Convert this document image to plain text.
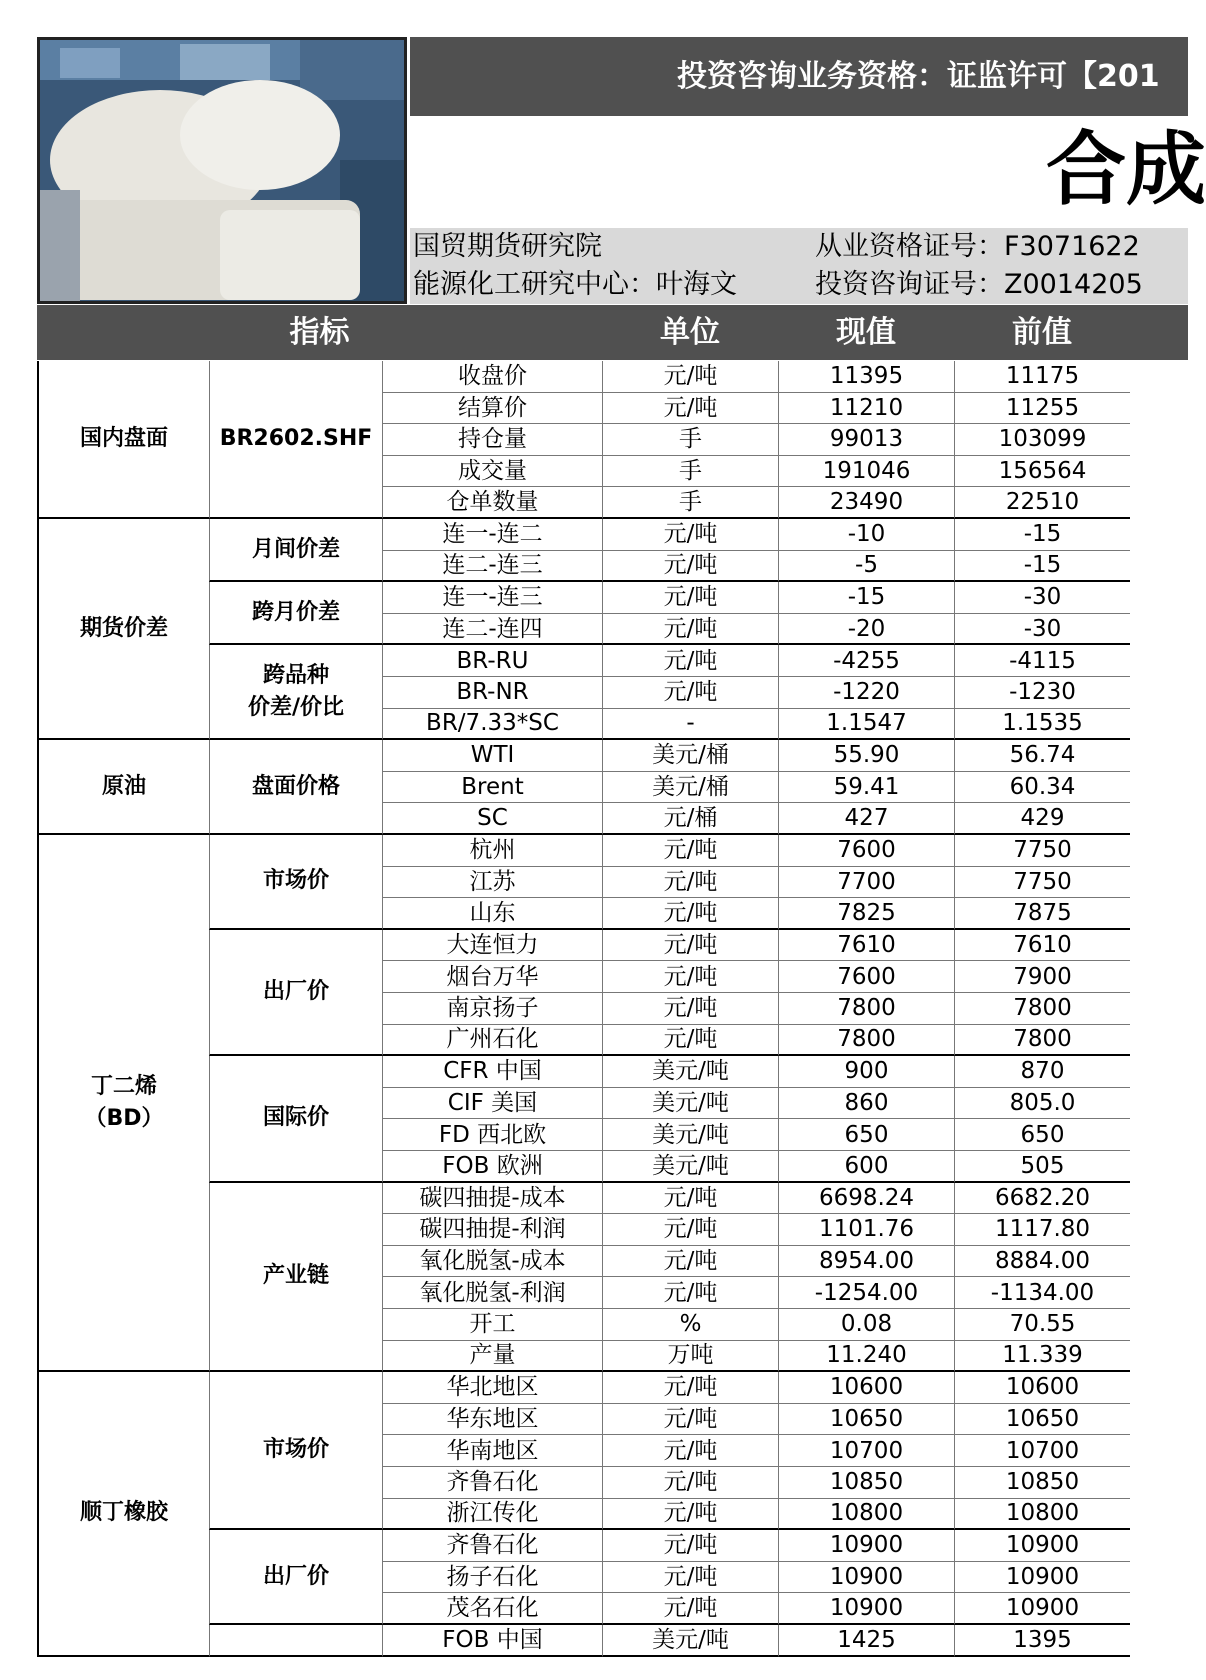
投资咨询业务资格：证监许可【201
合成
国贸期货研究院
能源化工研究中心：叶海文
从业资格证号：F3071622
投资咨询证号：Z0014205
指标	单位	现值	前值
国内盘面	BR2602.SHF
收盘价	元/吨	11395	11175
结算价	元/吨	11210	11255
持仓量	手	99013	103099
成交量	手	191046	156564
仓单数量	手	23490	22510
期货价差
月间价差
连一-连二	元/吨	-10	-15
连二-连三	元/吨	-5	-15
跨月价差
连一-连三	元/吨	-15	-30
连二-连四	元/吨	-20	-30
跨品种
价差/价比
BR-RU	元/吨	-4255	-4115
BR-NR	元/吨	-1220	-1230
BR/7.33*SC	-	1.1547	1.1535
原油	盘面价格
WTI	美元/桶	55.90	56.74
Brent	美元/桶	59.41	60.34
SC	元/桶	427	429
丁二烯
（BD）
市场价
杭州	元/吨	7600	7750
江苏	元/吨	7700	7750
山东	元/吨	7825	7875
出厂价
大连恒力	元/吨	7610	7610
烟台万华	元/吨	7600	7900
南京扬子	元/吨	7800	7800
广州石化	元/吨	7800	7800
国际价
CFR 中国	美元/吨	900	870
CIF 美国	美元/吨	860	805.0
FD 西北欧	美元/吨	650	650
FOB 欧洲	美元/吨	600	505
产业链
碳四抽提-成本	元/吨	6698.24	6682.20
碳四抽提-利润	元/吨	1101.76	1117.80
氧化脱氢-成本	元/吨	8954.00	8884.00
氧化脱氢-利润	元/吨	-1254.00	-1134.00
开工	%	0.08	70.55
产量	万吨	11.240	11.339
顺丁橡胶
市场价
华北地区	元/吨	10600	10600
华东地区	元/吨	10650	10650
华南地区	元/吨	10700	10700
齐鲁石化	元/吨	10850	10850
浙江传化	元/吨	10800	10800
出厂价
齐鲁石化	元/吨	10900	10900
扬子石化	元/吨	10900	10900
茂名石化	元/吨	10900	10900
FOB 中国	美元/吨	1425	1395
